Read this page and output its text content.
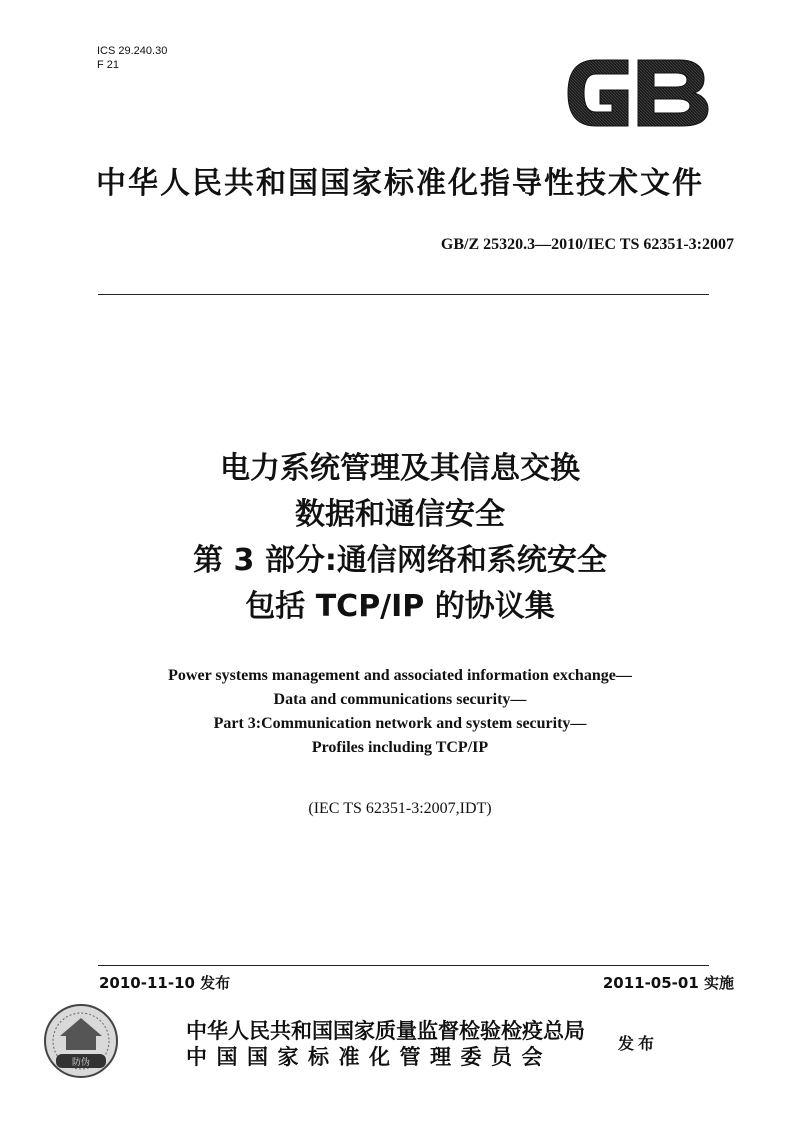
ICS 29.240.30
F 21
中华人民共和国国家标准化指导性技术文件
GB/Z 25320.3—2010/IEC TS 62351-3:2007
电力系统管理及其信息交换
数据和通信安全
第 3 部分:通信网络和系统安全
包括 TCP/IP 的协议集
Power systems management and associated information exchange—
Data and communications security—
Part 3:Communication network and system security—
Profiles including TCP/IP
(IEC TS 62351-3:2007,IDT)
2010-11-10 发布	2011-05-01 实施
防伪
中华人民共和国国家质量监督检验检疫总局
中国国家标准化管理委员会
发布
